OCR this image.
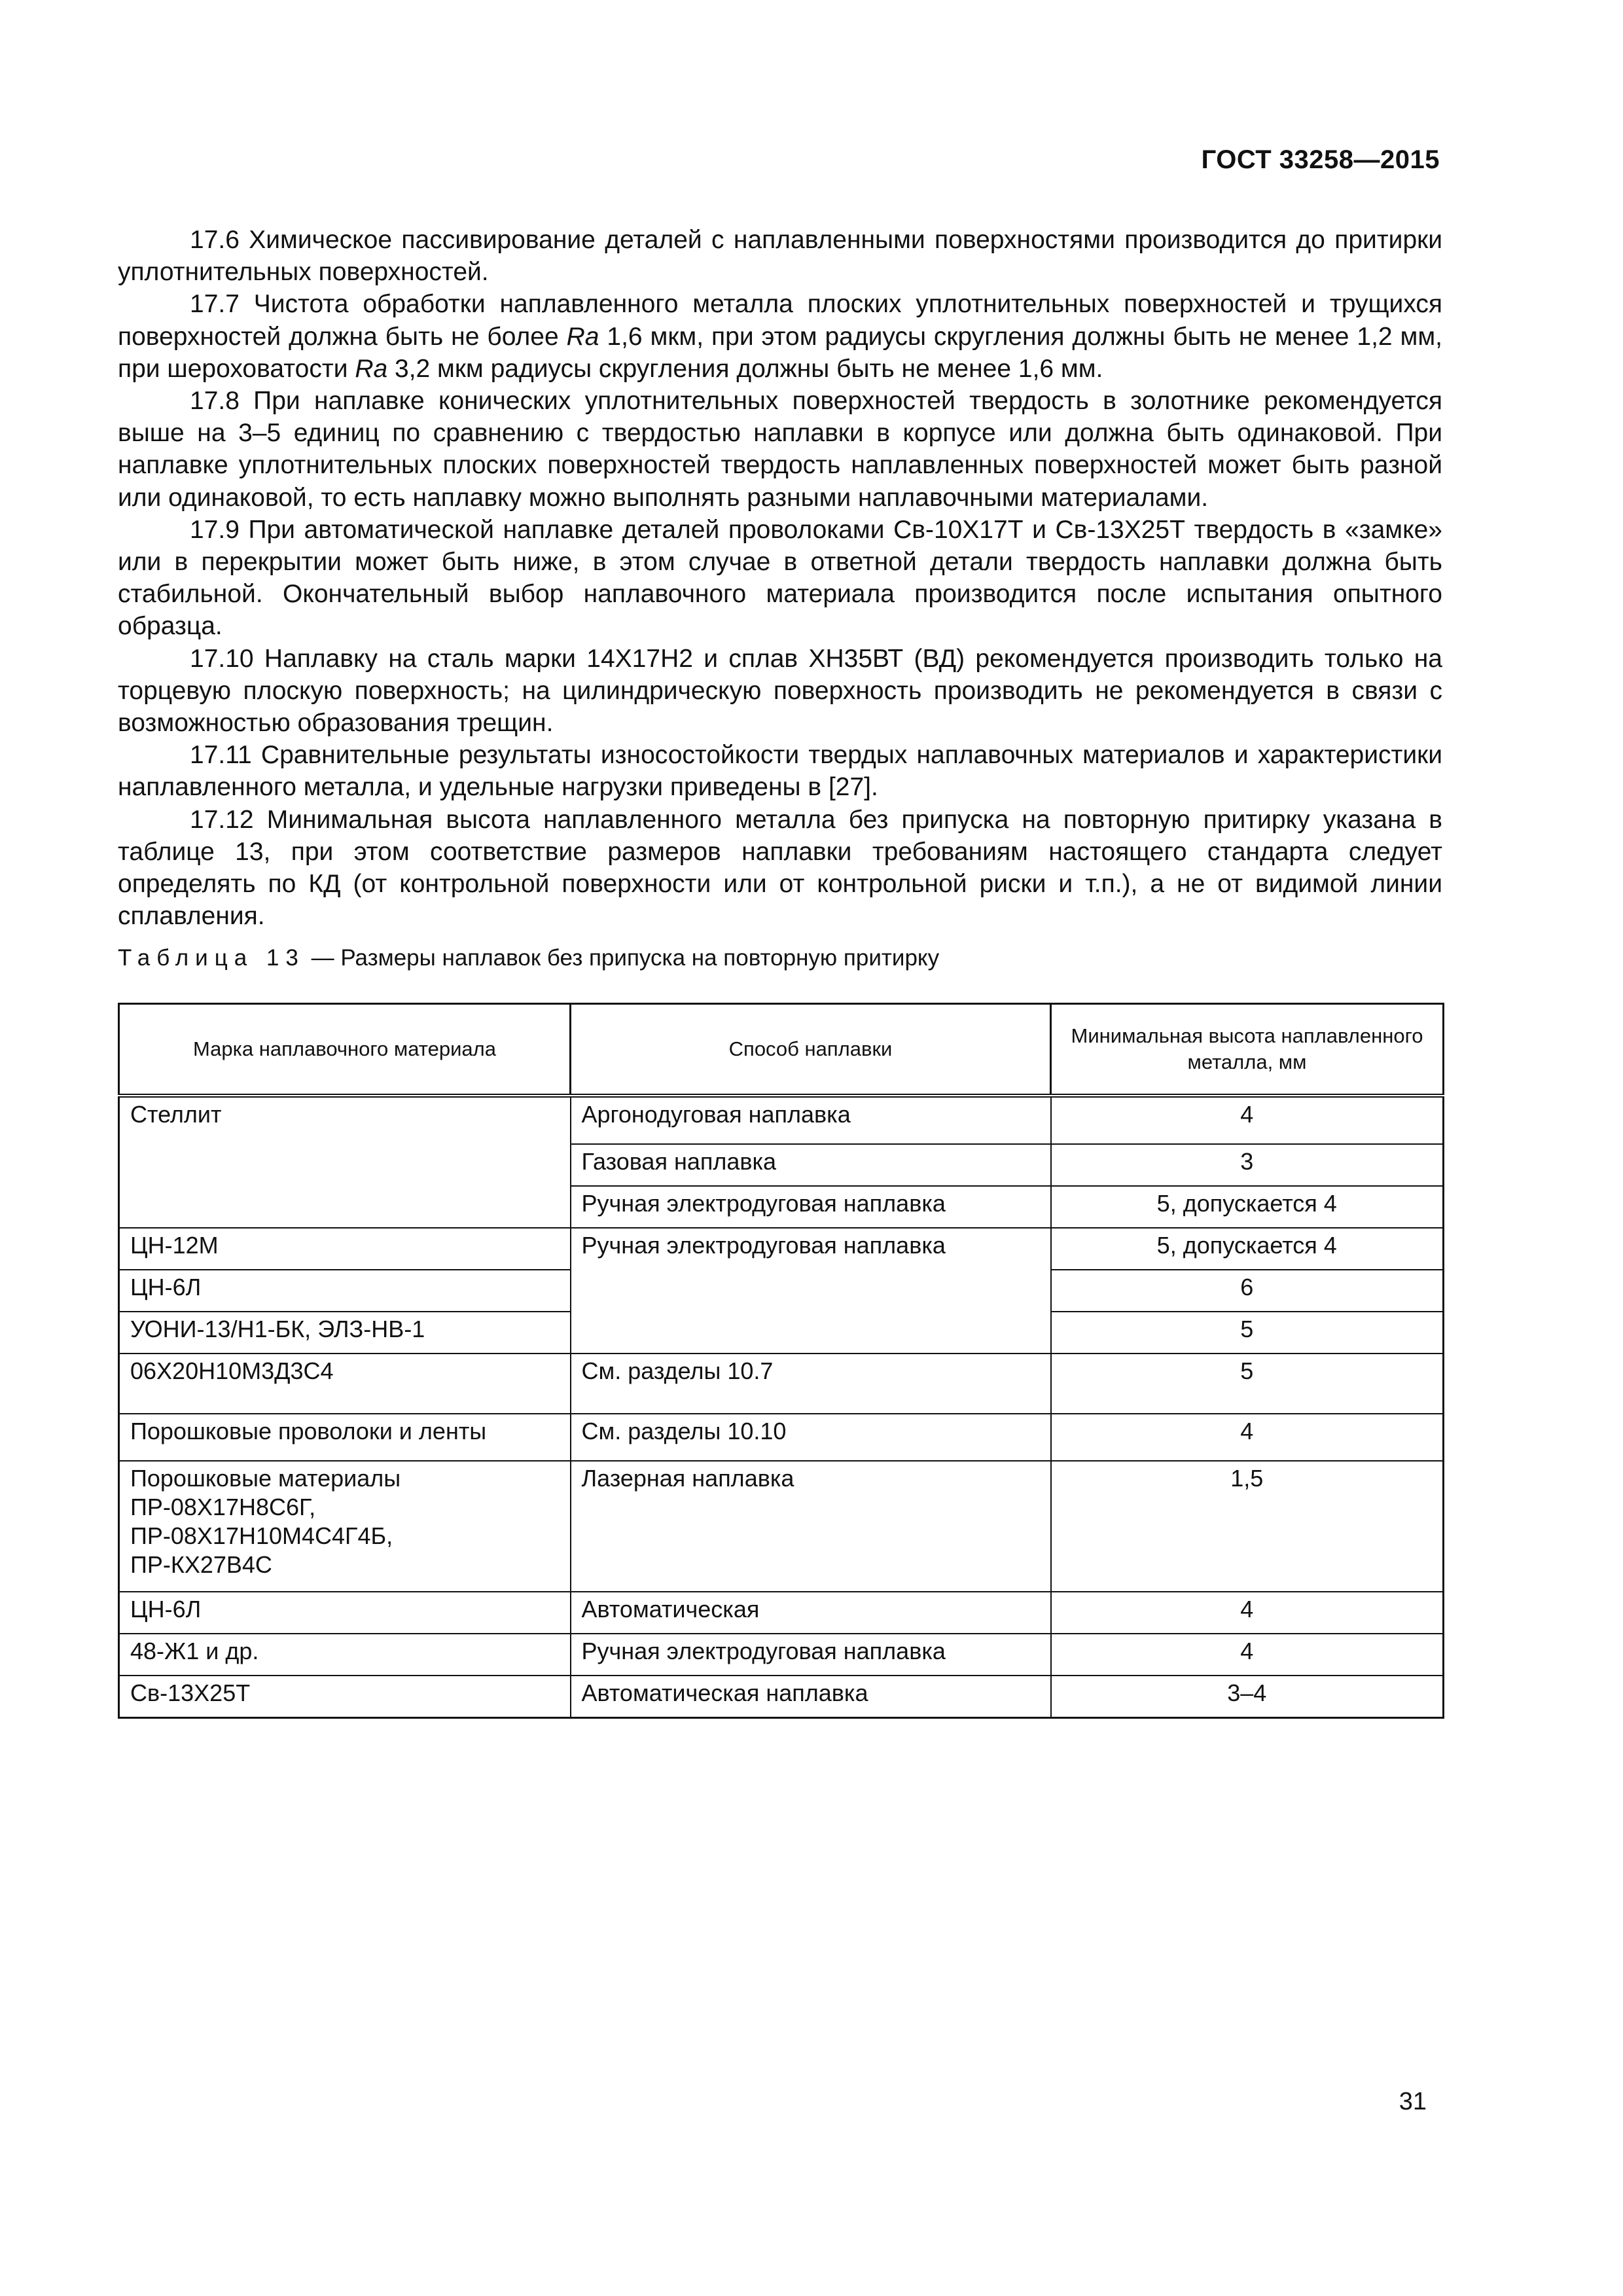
ГОСТ 33258—2015

17.6 Химическое пассивирование деталей с наплавленными поверхностями производится до притирки уплотнительных поверхностей.

17.7 Чистота обработки наплавленного металла плоских уплотнительных поверхностей и трущихся поверхностей должна быть не более Ra 1,6 мкм, при этом радиусы скругления должны быть не менее 1,2 мм, при шероховатости Ra 3,2 мкм радиусы скругления должны быть не менее 1,6 мм.

17.8 При наплавке конических уплотнительных поверхностей твердость в золотнике рекомендуется выше на 3–5 единиц по сравнению с твердостью наплавки в корпусе или должна быть одинаковой. При наплавке уплотнительных плоских поверхностей твердость наплавленных поверхностей может быть разной или одинаковой, то есть наплавку можно выполнять разными наплавочными материалами.

17.9 При автоматической наплавке деталей проволоками Св-10Х17Т и Св-13Х25Т твердость в «замке» или в перекрытии может быть ниже, в этом случае в ответной детали твердость наплавки должна быть стабильной. Окончательный выбор наплавочного материала производится после испытания опытного образца.

17.10 Наплавку на сталь марки 14Х17Н2 и сплав ХН35ВТ (ВД) рекомендуется производить только на торцевую плоскую поверхность; на цилиндрическую поверхность производить не рекомендуется в связи с возможностью образования трещин.

17.11 Сравнительные результаты износостойкости твердых наплавочных материалов и характеристики наплавленного металла, и удельные нагрузки приведены в [27].

17.12 Минимальная высота наплавленного металла без припуска на повторную притирку указана в таблице 13, при этом соответствие размеров наплавки требованиям настоящего стандарта следует определять по КД (от контрольной поверхности или от контрольной риски и т.п.), а не от видимой линии сплавления.

Таблица 13 — Размеры наплавок без припуска на повторную притирку
Марка наплавочного материала	Способ наплавки	Минимальная высота наплавленного металла, мм
Стеллит	Аргонодуговая наплавка	4
	Газовая наплавка	3
	Ручная электродуговая наплавка	5, допускается 4
ЦН-12М	Ручная электродуговая наплавка	5, допускается 4
ЦН-6Л		6
УОНИ-13/Н1-БК, ЭЛЗ-НВ-1		5
06Х20Н10М3Д3С4	См. разделы 10.7	5
Порошковые проволоки и ленты	См. разделы 10.10	4

Порошковые материалы
ПР-08Х17Н8С6Г,
ПР-08Х17Н10М4С4Г4Б,
ПР-КХ27В4С	Лазерная наплавка	1,5
ЦН-6Л	Автоматическая	4
48-Ж1 и др.	Ручная электродуговая наплавка	4
Св-13Х25Т	Автоматическая наплавка	3–4
31
